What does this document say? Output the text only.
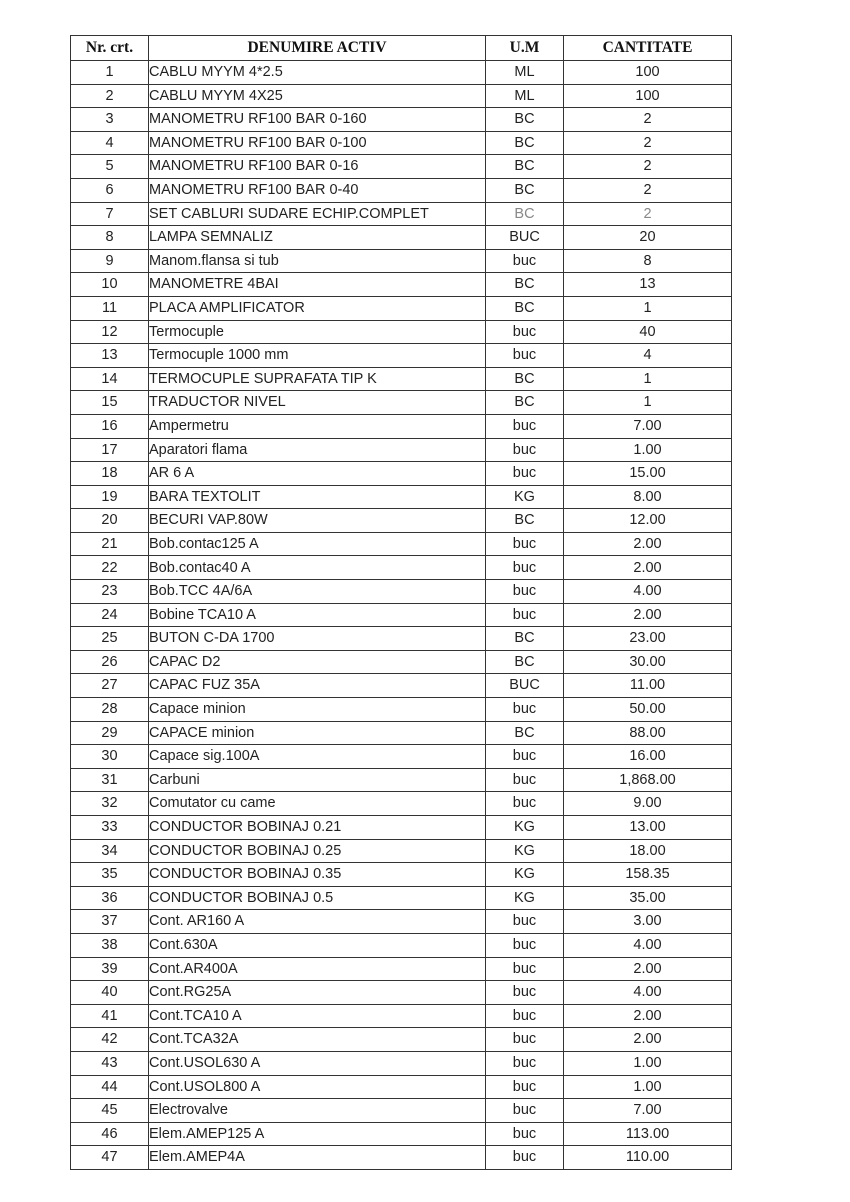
Nr. crt.	DENUMIRE ACTIV	U.M	CANTITATE
1	CABLU MYYM 4*2.5	ML	100
2	CABLU MYYM 4X25	ML	100
3	MANOMETRU RF100 BAR 0-160	BC	2
4	MANOMETRU RF100 BAR 0-100	BC	2
5	MANOMETRU RF100 BAR 0-16	BC	2
6	MANOMETRU RF100 BAR 0-40	BC	2
7	SET CABLURI SUDARE ECHIP.COMPLET	BC	2
8	LAMPA SEMNALIZ	BUC	20
9	Manom.flansa si tub	buc	8
10	MANOMETRE 4BAI	BC	13
11	PLACA AMPLIFICATOR	BC	1
12	Termocuple	buc	40
13	Termocuple 1000 mm	buc	4
14	TERMOCUPLE SUPRAFATA TIP K	BC	1
15	TRADUCTOR NIVEL	BC	1
16	Ampermetru	buc	7.00
17	Aparatori flama	buc	1.00
18	AR 6 A	buc	15.00
19	BARA TEXTOLIT	KG	8.00
20	BECURI VAP.80W	BC	12.00
21	Bob.contac125 A	buc	2.00
22	Bob.contac40 A	buc	2.00
23	Bob.TCC 4A/6A	buc	4.00
24	Bobine TCA10 A	buc	2.00
25	BUTON C-DA 1700	BC	23.00
26	CAPAC D2	BC	30.00
27	CAPAC FUZ 35A	BUC	11.00
28	Capace minion	buc	50.00
29	CAPACE minion	BC	88.00
30	Capace sig.100A	buc	16.00
31	Carbuni	buc	1,868.00
32	Comutator cu came	buc	9.00
33	CONDUCTOR BOBINAJ 0.21	KG	13.00
34	CONDUCTOR BOBINAJ 0.25	KG	18.00
35	CONDUCTOR BOBINAJ 0.35	KG	158.35
36	CONDUCTOR BOBINAJ 0.5	KG	35.00
37	Cont. AR160 A	buc	3.00
38	Cont.630A	buc	4.00
39	Cont.AR400A	buc	2.00
40	Cont.RG25A	buc	4.00
41	Cont.TCA10 A	buc	2.00
42	Cont.TCA32A	buc	2.00
43	Cont.USOL630 A	buc	1.00
44	Cont.USOL800 A	buc	1.00
45	Electrovalve	buc	7.00
46	Elem.AMEP125 A	buc	113.00
47	Elem.AMEP4A	buc	110.00
